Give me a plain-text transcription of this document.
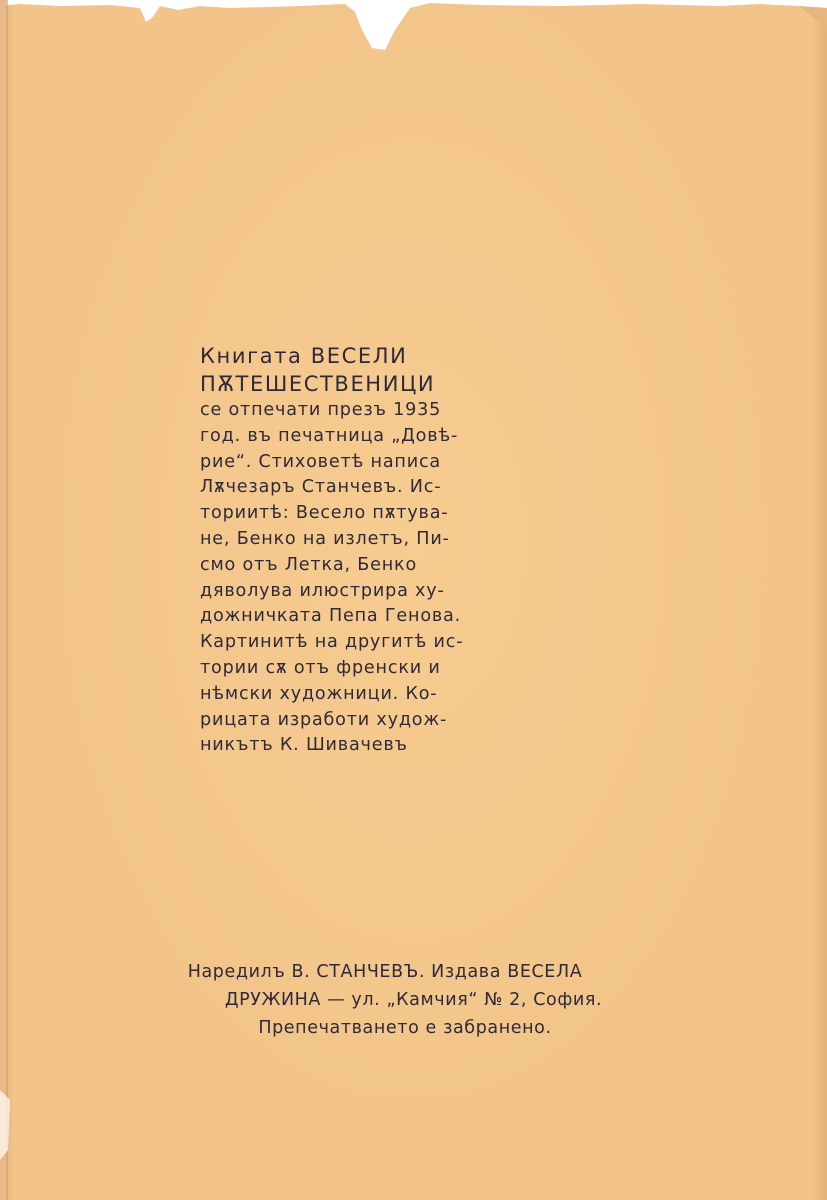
Книгата ВЕСЕЛИ
ПѪТЕШЕСТВЕНИЦИ
се отпечати презъ 1935
год. въ печатница „Довѣ-
рие“. Стиховетѣ написа
Лѫчезаръ Станчевъ. Ис-
ториитѣ: Весело пѫтува-
не, Бенко на излетъ, Пи-
смо отъ Летка, Бенко
дяволува илюстрира ху-
дожничката Пепа Генова.
Картинитѣ на другитѣ ис-
тории сѫ отъ френски и
нѣмски художници. Ко-
рицата изработи худож-
никътъ К. Шивачевъ
Наредилъ В. СТАНЧЕВЪ. Издава ВЕСЕЛА
ДРУЖИНА — ул. „Камчия“ № 2, София.
Препечатването е забранено.
